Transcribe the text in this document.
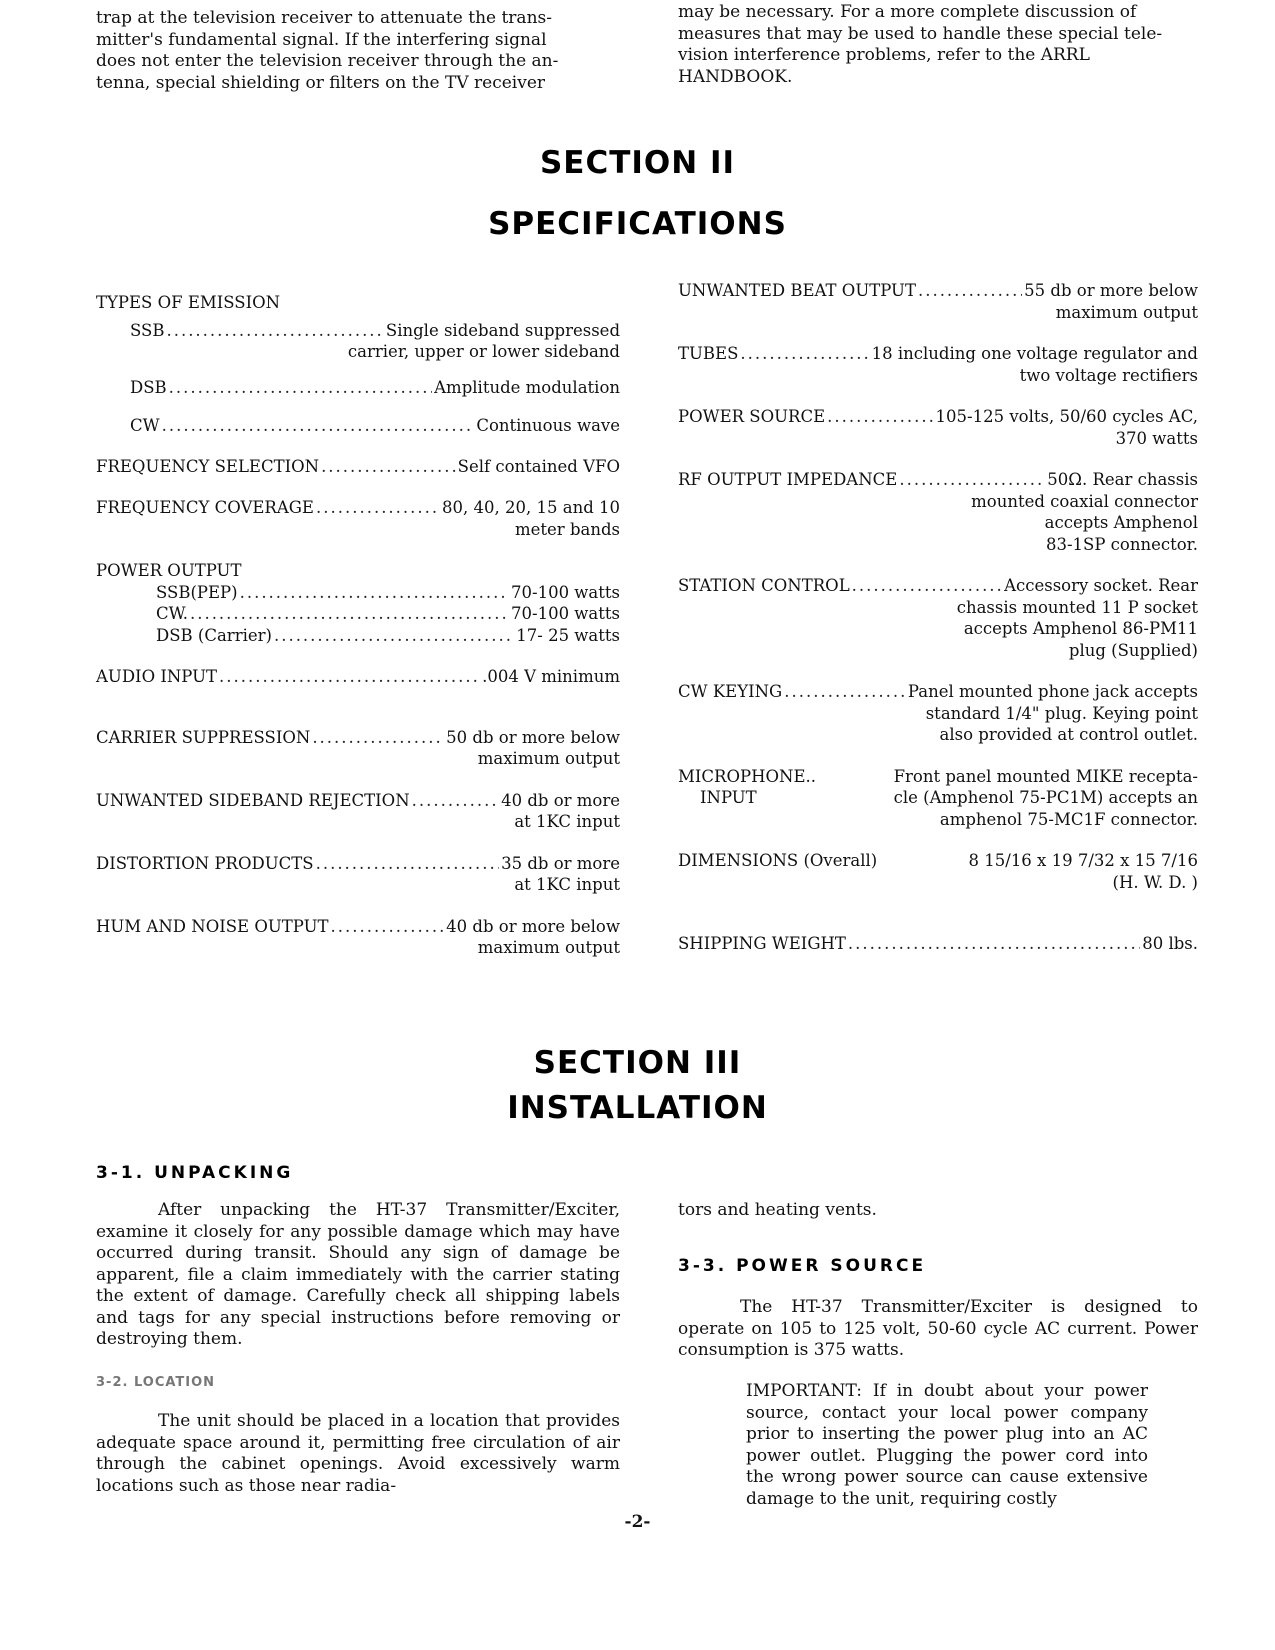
trap at the television receiver to attenuate the trans-
mitter's fundamental signal. If the interfering signal
does not enter the television receiver through the an-
tenna, special shielding or filters on the TV receiver
may be necessary. For a more complete discussion of
measures that may be used to handle these special tele-
vision interference problems, refer to the ARRL
HANDBOOK.
SECTION II
SPECIFICATIONS
TYPES OF EMISSION
SSB .....	Single sideband suppressed
carrier, upper or lower sideband
DSB .....	Amplitude modulation
CW .....	Continuous wave
FREQUENCY SELECTION .....	Self contained VFO
FREQUENCY COVERAGE .....	80, 40, 20, 15 and 10
meter bands
POWER OUTPUT
SSB(PEP) .....	70-100 watts
CW. .....	70-100 watts
DSB (Carrier) .....	17- 25 watts
AUDIO INPUT .....	.004 V minimum
CARRIER SUPPRESSION .....	50 db or more below
maximum output
UNWANTED SIDEBAND REJECTION .....	40 db or more
at 1KC input
DISTORTION PRODUCTS .....	35 db or more
at 1KC input
HUM AND NOISE OUTPUT .....	40 db or more below
maximum output
UNWANTED BEAT OUTPUT .....	55 db or more below
maximum output
TUBES .....	18 including one voltage regulator and
two voltage rectifiers
POWER SOURCE .....	105-125 volts, 50/60 cycles AC,
370 watts
RF OUTPUT IMPEDANCE .....	50Ω. Rear chassis
mounted coaxial connector
accepts Amphenol
83-1SP connector.
STATION CONTROL .....	Accessory socket. Rear
chassis mounted 11 P socket
accepts Amphenol 86-PM11
plug (Supplied)
CW KEYING .....	Panel mounted phone jack accepts
standard 1/4" plug. Keying point
also provided at control outlet.
MICROPHONE..	Front panel mounted MIKE recepta-
INPUT	cle (Amphenol 75-PC1M) accepts an
amphenol 75-MC1F connector.
DIMENSIONS (Overall)	8 15/16 x 19 7/32 x 15 7/16
(H. W. D. )
SHIPPING WEIGHT .....	80 lbs.
SECTION III
INSTALLATION
3-1. UNPACKING
After unpacking the HT-37 Transmitter/Exciter, examine it closely for any possible damage which may have occurred during transit. Should any sign of damage be apparent, file a claim immediately with the carrier stating the extent of damage. Carefully check all shipping labels and tags for any special instructions before removing or destroying them.
3-2. LOCATION
The unit should be placed in a location that provides adequate space around it, permitting free circulation of air through the cabinet openings. Avoid excessively warm locations such as those near radia-
tors and heating vents.
3-3. POWER SOURCE
The HT-37 Transmitter/Exciter is designed to operate on 105 to 125 volt, 50-60 cycle AC current. Power consumption is 375 watts.
IMPORTANT: If in doubt about your power source, contact your local power company prior to inserting the power plug into an AC power outlet. Plugging the power cord into the wrong power source can cause extensive damage to the unit, requiring costly
-2-
